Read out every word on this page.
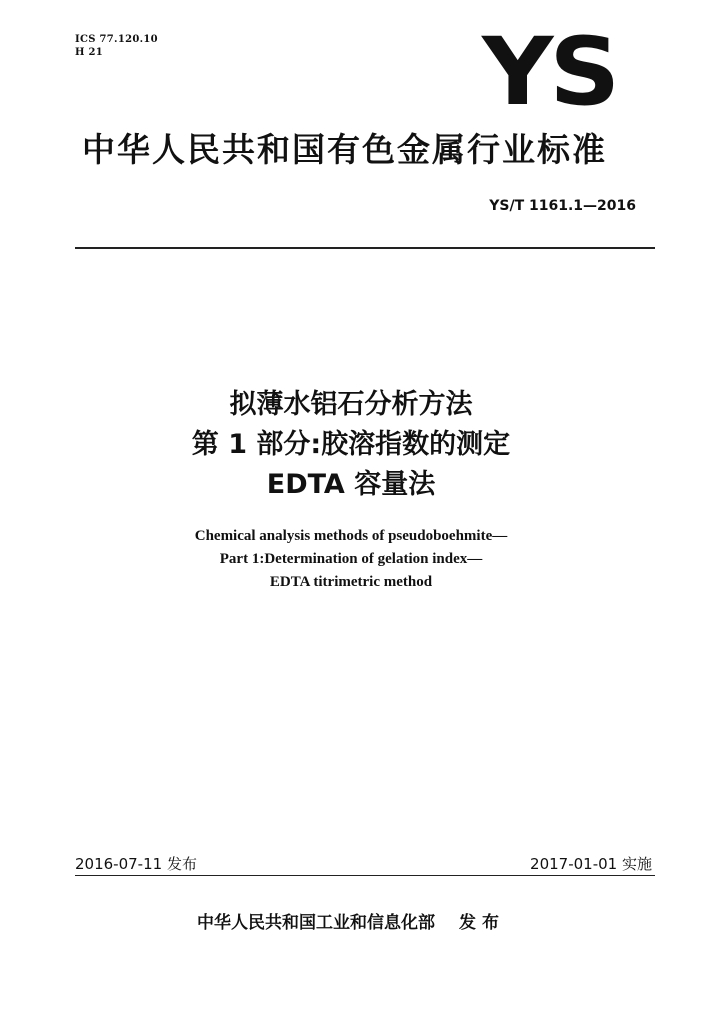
ICS 77.120.10
H 21	YS
中华人民共和国有色金属行业标准
YS/T 1161.1—2016
拟薄水铝石分析方法
第 1 部分:胶溶指数的测定
EDTA 容量法
Chemical analysis methods of pseudoboehmite—
Part 1:Determination of gelation index—
EDTA titrimetric method
2016-07-11 发布	2017-01-01 实施
中华人民共和国工业和信息化部 发布
